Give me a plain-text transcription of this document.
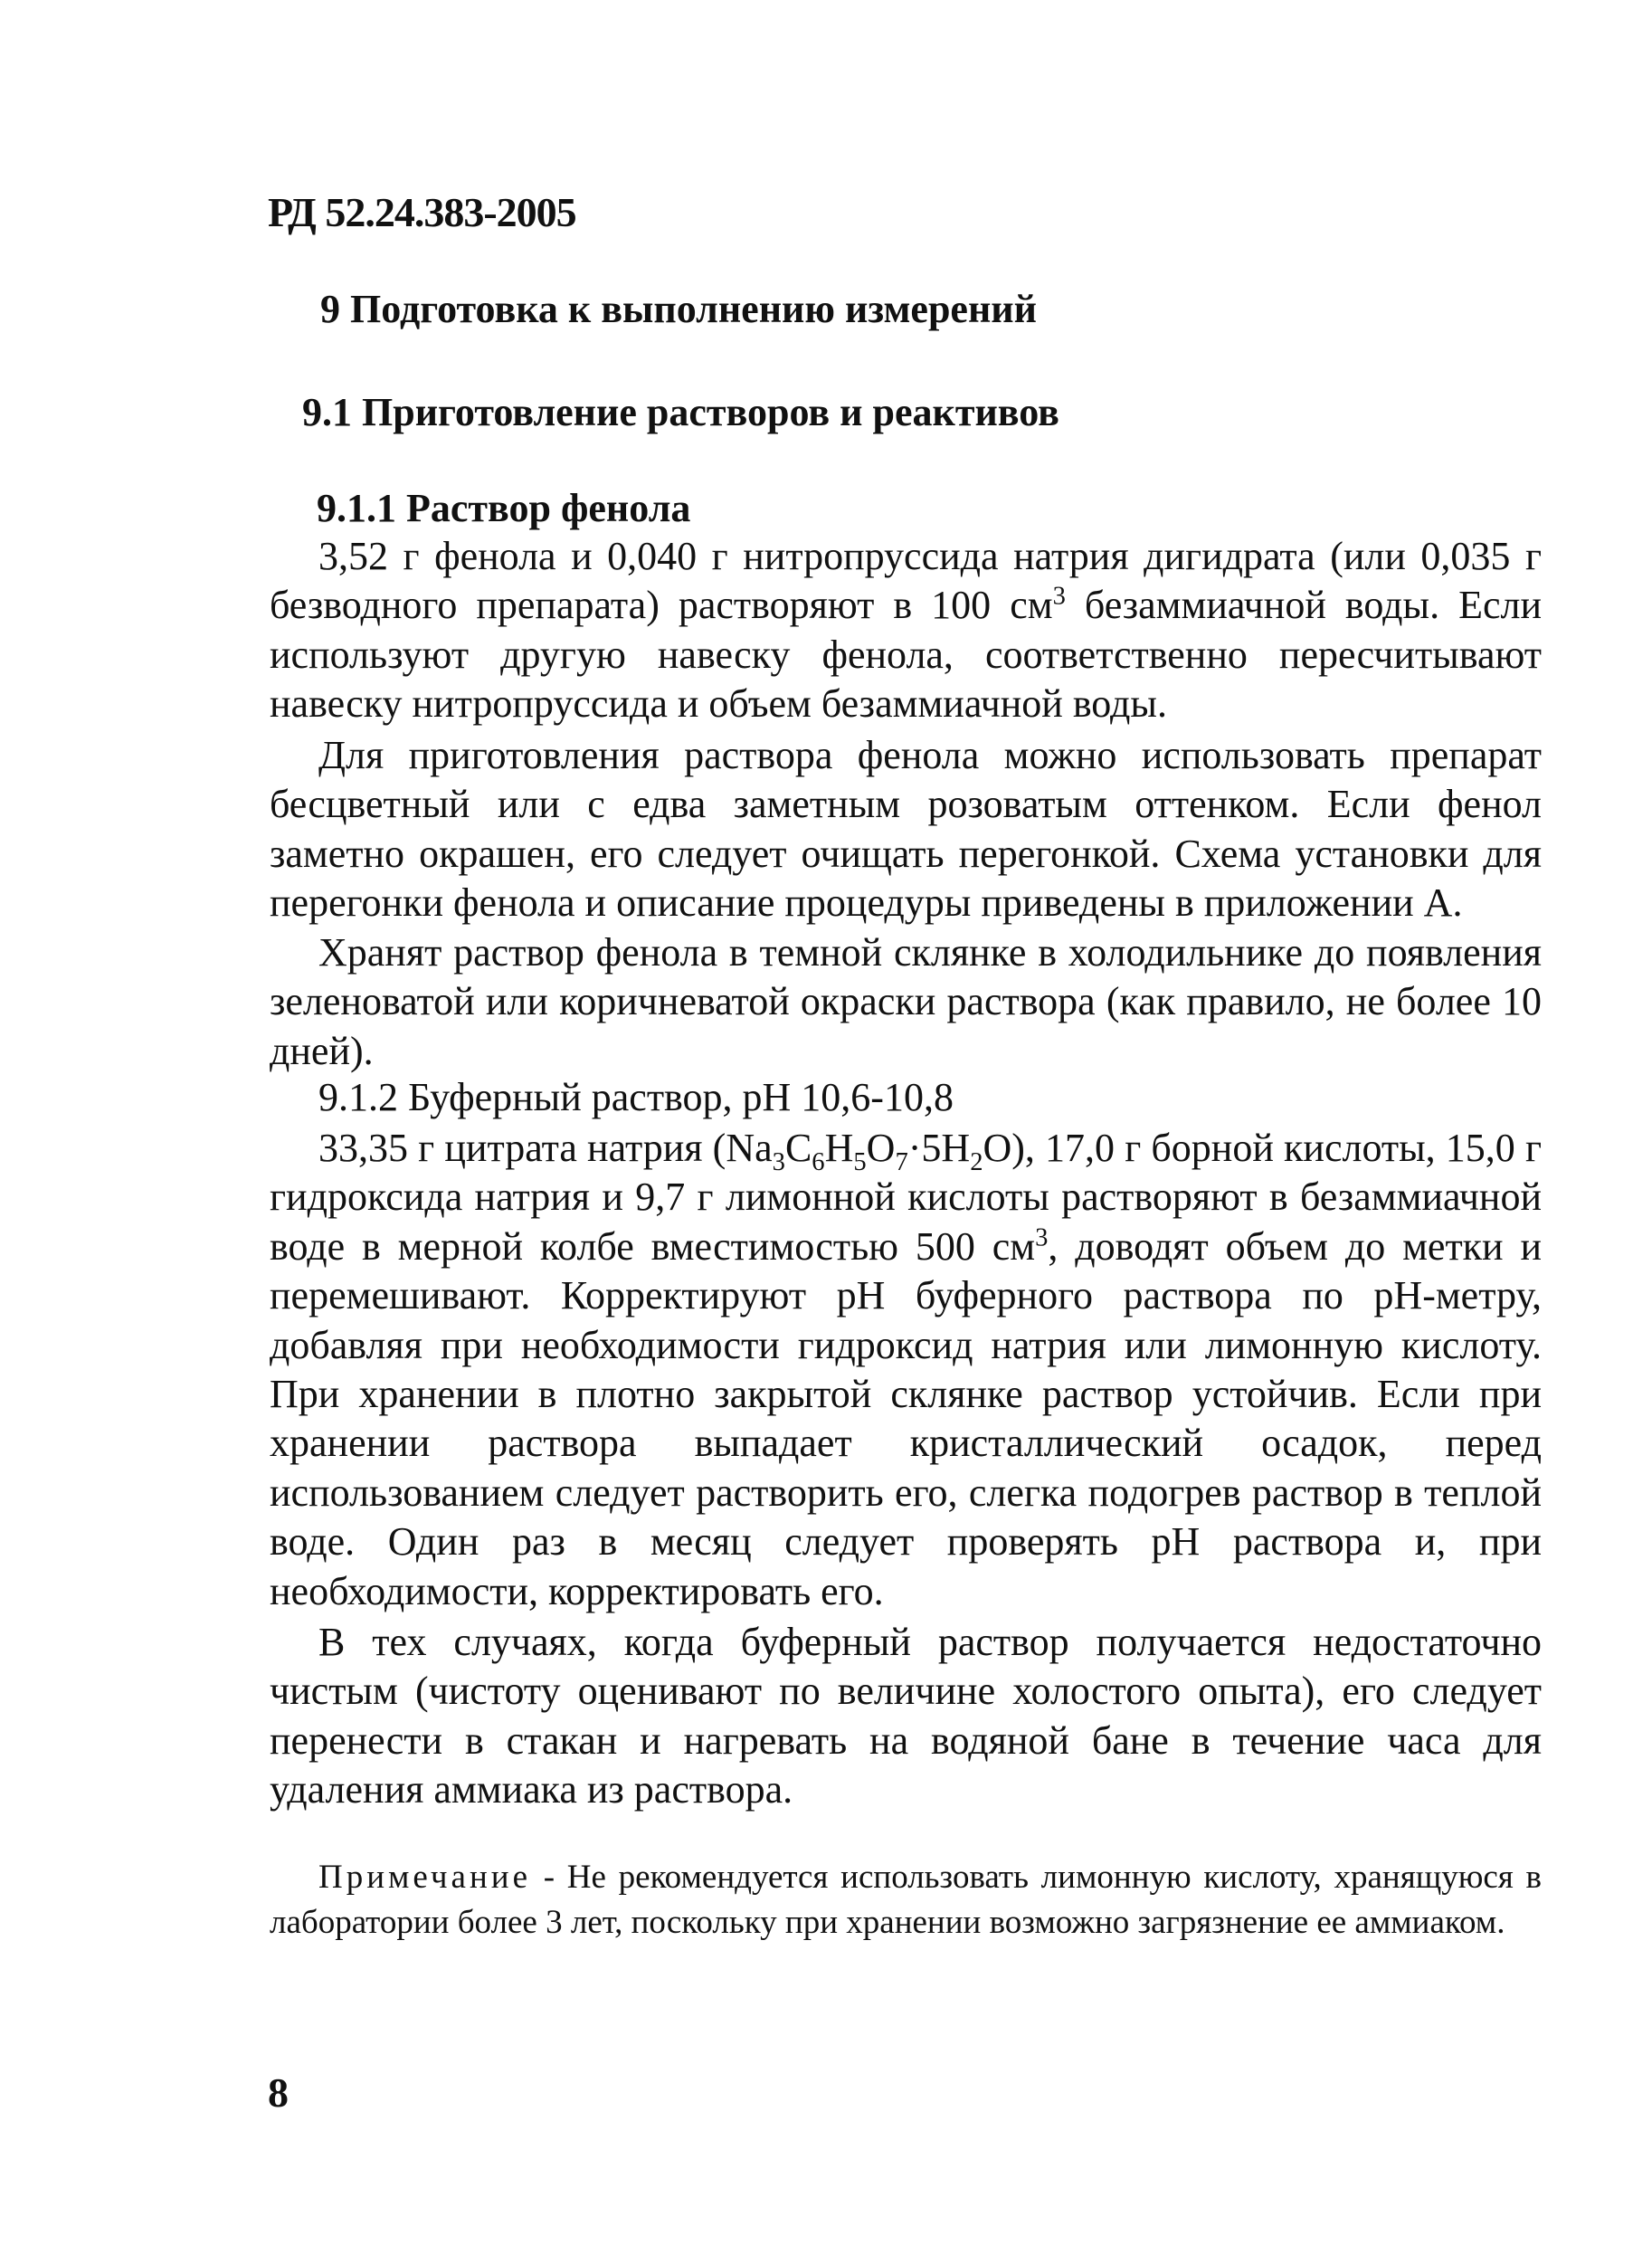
РД 52.24.383-2005
9 Подготовка к выполнению измерений
9.1 Приготовление растворов и реактивов
9.1.1 Раствор фенола

3,52 г фенола и 0,040 г нитропруссида натрия дигидрата (или 0,035 г безводного препарата) растворяют в 100 $см^3$ безаммиачной воды. Если используют другую навеску фенола, соответственно пересчитывают навеску нитропруссида и объем безаммиачной воды.

Для приготовления раствора фенола можно использовать препарат бесцветный или с едва заметным розоватым оттенком. Если фенол заметно окрашен, его следует очищать перегонкой. Схема установки для перегонки фенола и описание процедуры приведены в приложении А.

Хранят раствор фенола в темной склянке в холодильнике до появления зеленоватой или коричневатой окраски раствора (как правило, не более 10 дней).

9.1.2 Буферный раствор, pH 10,6-10,8

33,35 г цитрата натрия $(Na_3C_6H_5O_7\cdot 5H_2O)$, 17,0 г борной кислоты, 15,0 г гидроксида натрия и 9,7 г лимонной кислоты растворяют в безаммиачной воде в мерной колбе вместимостью 500 $см^3$, доводят объем до метки и перемешивают. Корректируют pH буферного раствора по pH-метру, добавляя при необходимости гидроксид натрия или лимонную кислоту. При хранении в плотно закрытой склянке раствор устойчив. Если при хранении раствора выпадает кристаллический осадок, перед использованием следует растворить его, слегка подогрев раствор в теплой воде. Один раз в месяц следует проверять pH раствора и, при необходимости, корректировать его.

В тех случаях, когда буферный раствор получается недостаточно чистым (чистоту оценивают по величине холостого опыта), его следует перенести в стакан и нагревать на водяной бане в течение часа для удаления аммиака из раствора.

Примечание - Не рекомендуется использовать лимонную кислоту, хранящуюся в лаборатории более 3 лет, поскольку при хранении возможно загрязнение ее аммиаком.
8
